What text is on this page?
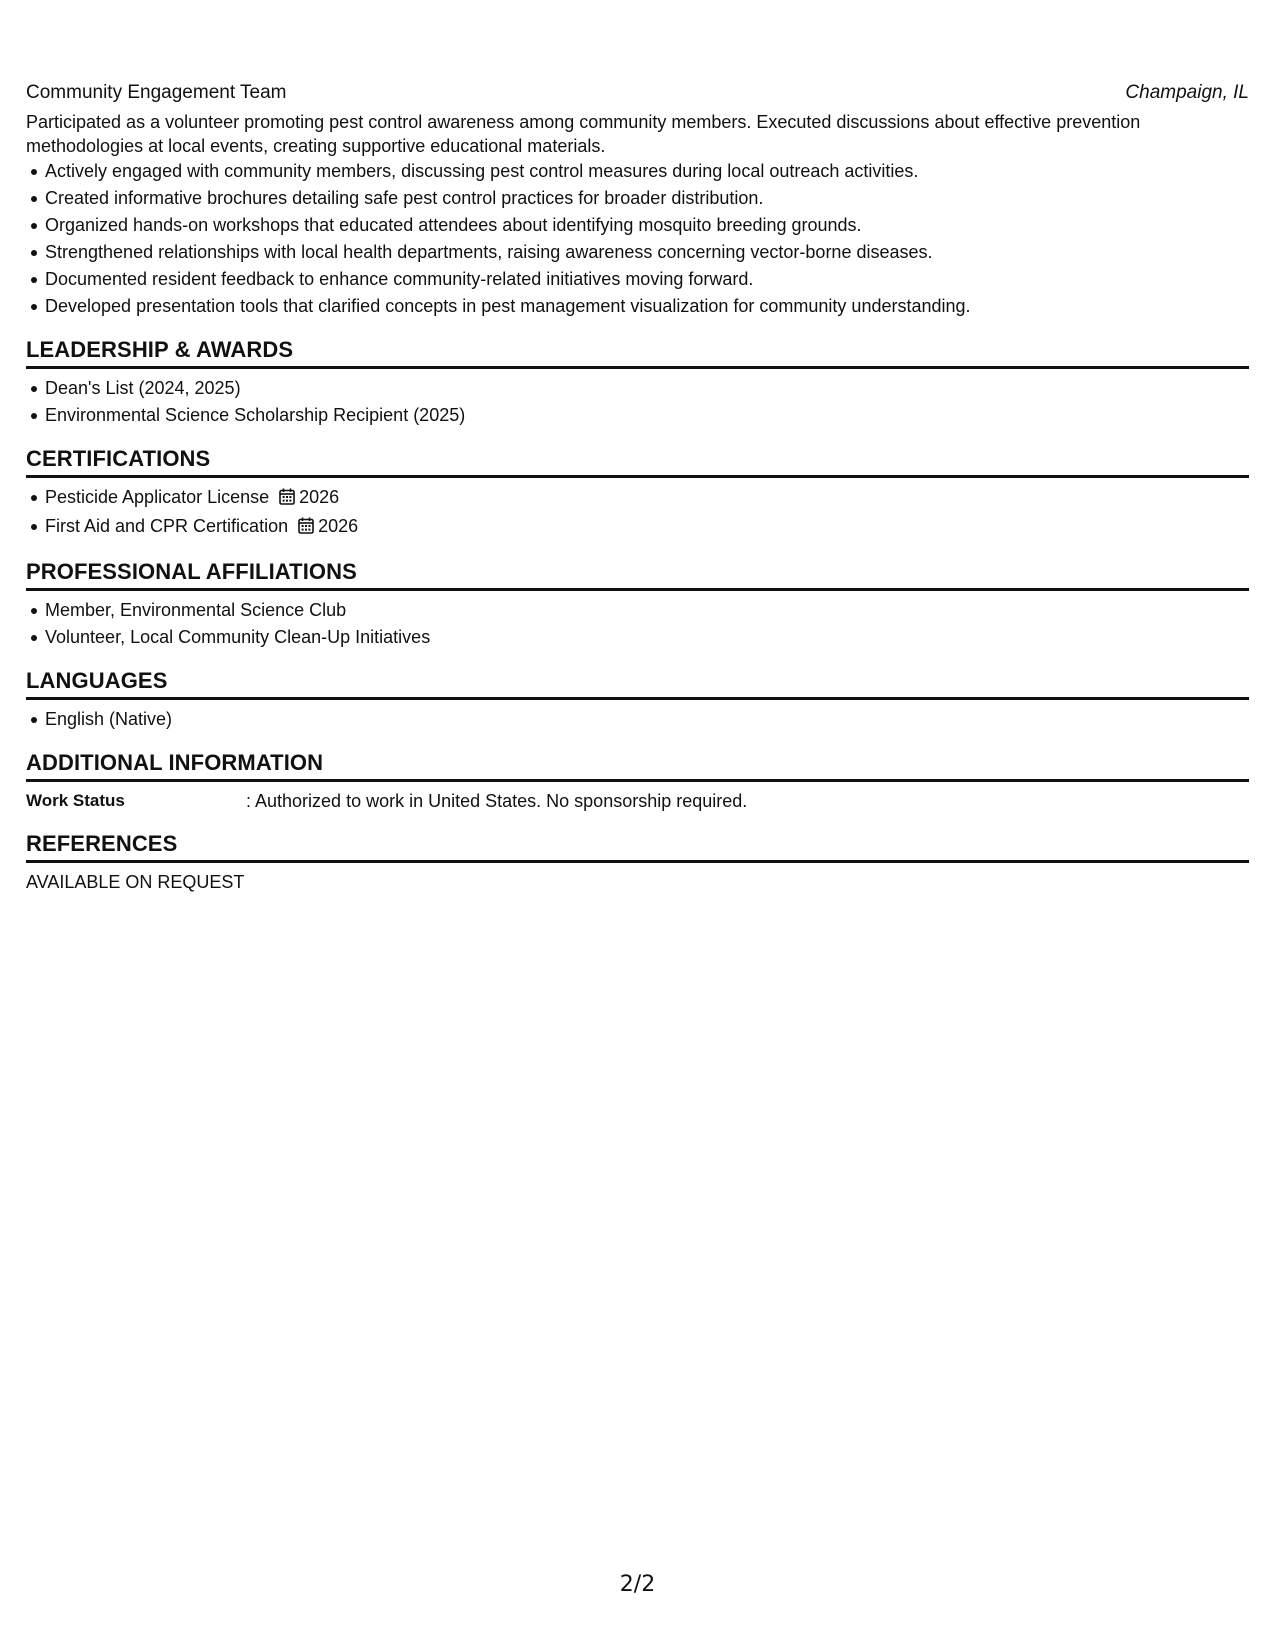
Community Engagement Team	Champaign, IL

Participated as a volunteer promoting pest control awareness among community members. Executed discussions about effective prevention methodologies at local events, creating supportive educational materials.

Actively engaged with community members, discussing pest control measures during local outreach activities.
Created informative brochures detailing safe pest control practices for broader distribution.
Organized hands-on workshops that educated attendees about identifying mosquito breeding grounds.
Strengthened relationships with local health departments, raising awareness concerning vector-borne diseases.
Documented resident feedback to enhance community-related initiatives moving forward.
Developed presentation tools that clarified concepts in pest management visualization for community understanding.
LEADERSHIP & AWARDS
Dean's List (2024, 2025)
Environmental Science Scholarship Recipient (2025)
CERTIFICATIONS
Pesticide Applicator License 2026
First Aid and CPR Certification 2026
PROFESSIONAL AFFILIATIONS
Member, Environmental Science Club
Volunteer, Local Community Clean-Up Initiatives
LANGUAGES
English (Native)
ADDITIONAL INFORMATION
Work Status	: Authorized to work in United States. No sponsorship required.
REFERENCES
AVAILABLE ON REQUEST
2/2
